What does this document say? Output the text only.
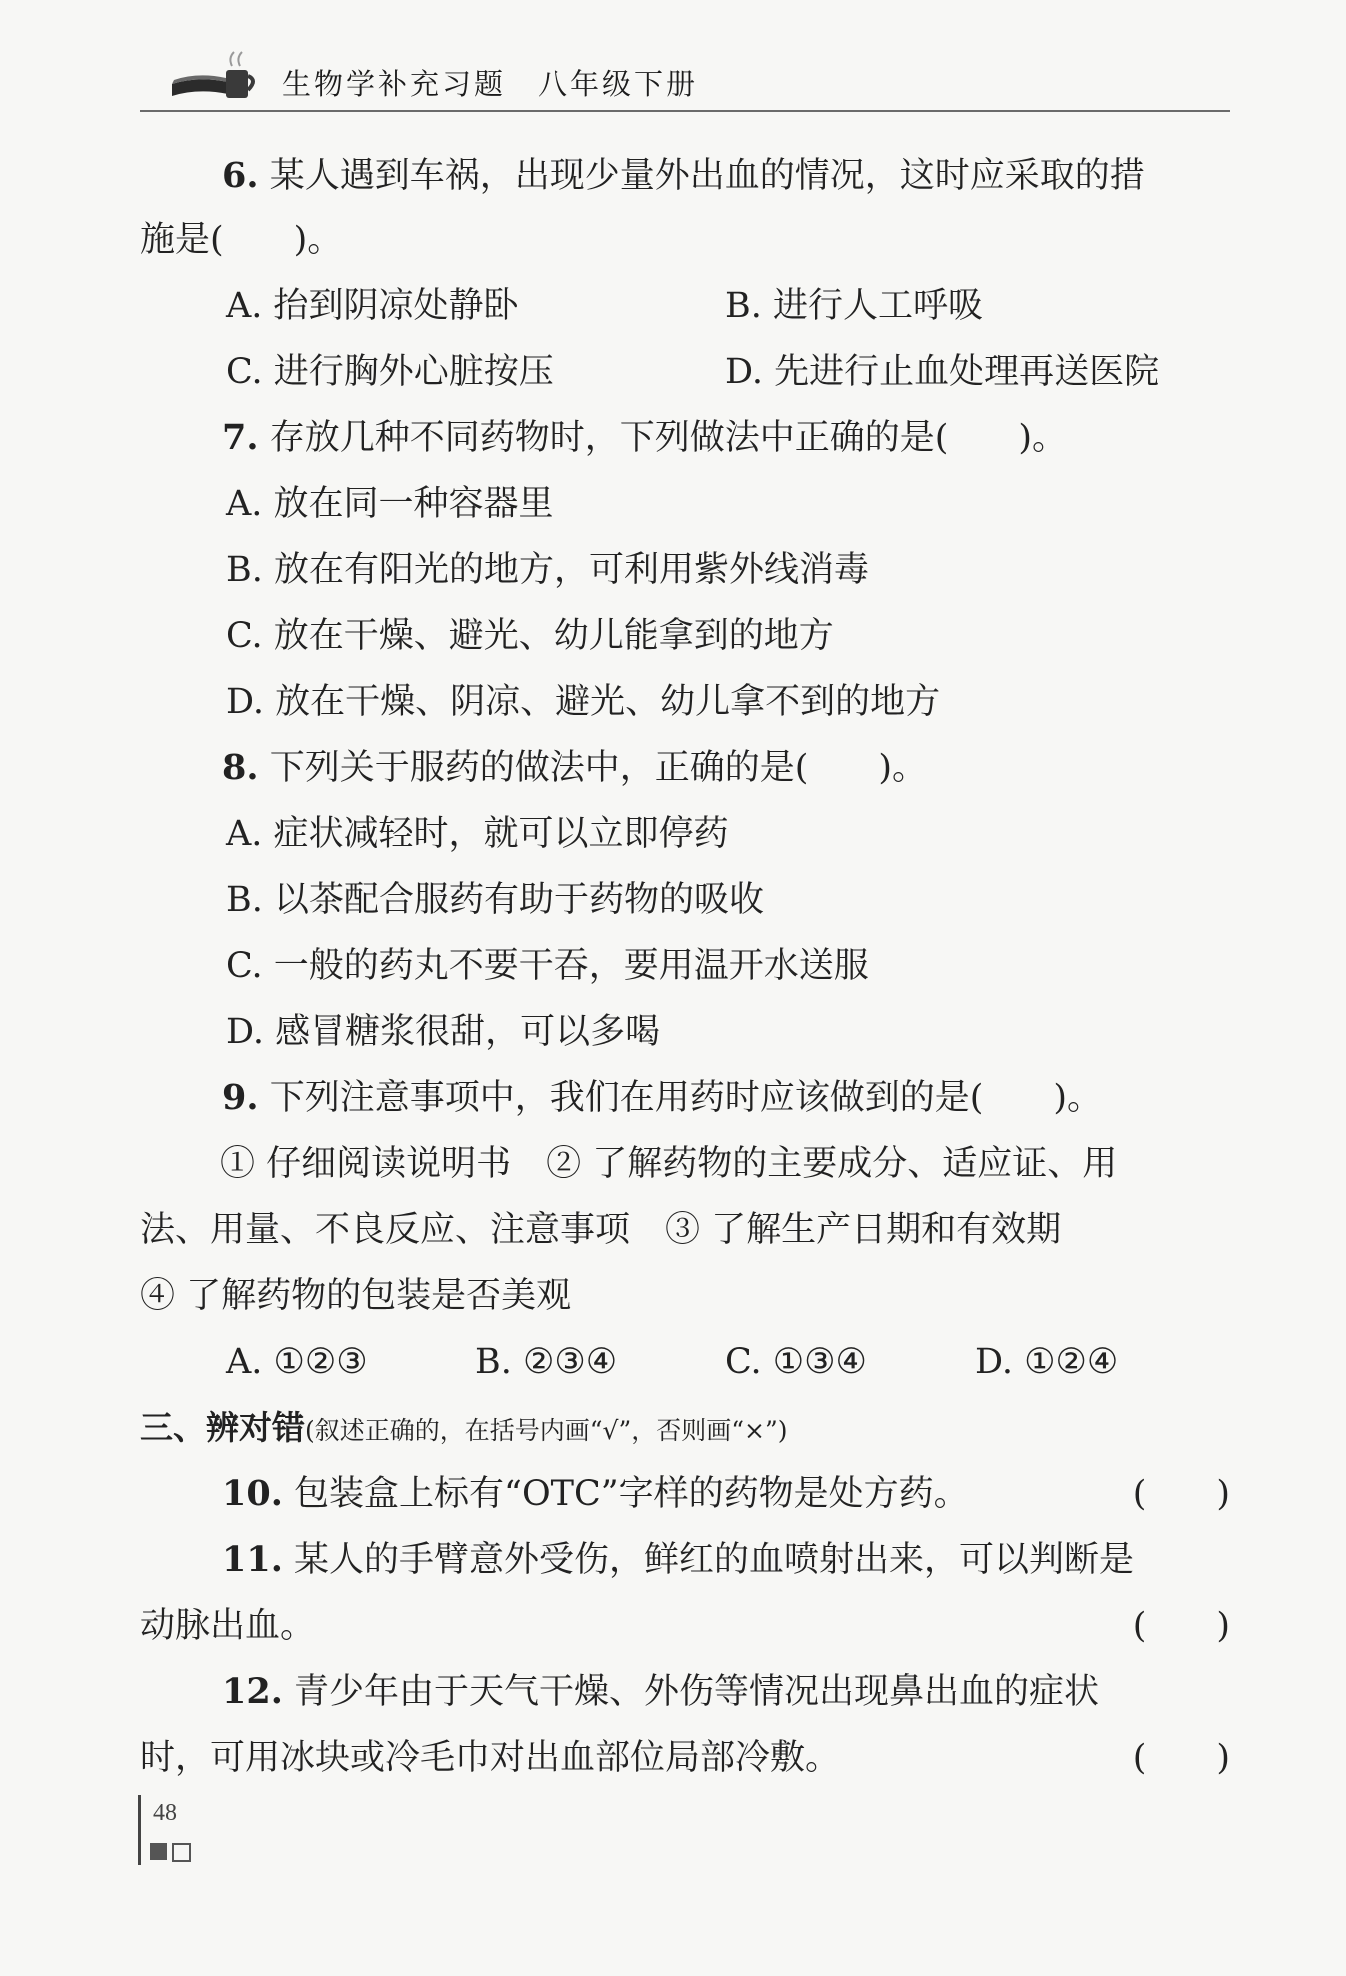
生物学补充习题　八年级下册
6. 某人遇到车祸，出现少量外出血的情况，这时应采取的措
施是(　　)。
A. 抬到阴凉处静卧	B. 进行人工呼吸
C. 进行胸外心脏按压	D. 先进行止血处理再送医院
7. 存放几种不同药物时，下列做法中正确的是(　　)。
A. 放在同一种容器里
B. 放在有阳光的地方，可利用紫外线消毒
C. 放在干燥、避光、幼儿能拿到的地方
D. 放在干燥、阴凉、避光、幼儿拿不到的地方
8. 下列关于服药的做法中，正确的是(　　)。
A. 症状减轻时，就可以立即停药
B. 以茶配合服药有助于药物的吸收
C. 一般的药丸不要干吞，要用温开水送服
D. 感冒糖浆很甜，可以多喝
9. 下列注意事项中，我们在用药时应该做到的是(　　)。
① 仔细阅读说明书　② 了解药物的主要成分、适应证、用
法、用量、不良反应、注意事项　③ 了解生产日期和有效期
④ 了解药物的包装是否美观
A. ①②③	B. ②③④	C. ①③④	D. ①②④
三、辨对错(叙述正确的，在括号内画“√”，否则画“×”)
10. 包装盒上标有“OTC”字样的药物是处方药。	(　　)
11. 某人的手臂意外受伤，鲜红的血喷射出来，可以判断是
动脉出血。	(　　)
12. 青少年由于天气干燥、外伤等情况出现鼻出血的症状
时，可用冰块或冷毛巾对出血部位局部冷敷。	(　　)
48
